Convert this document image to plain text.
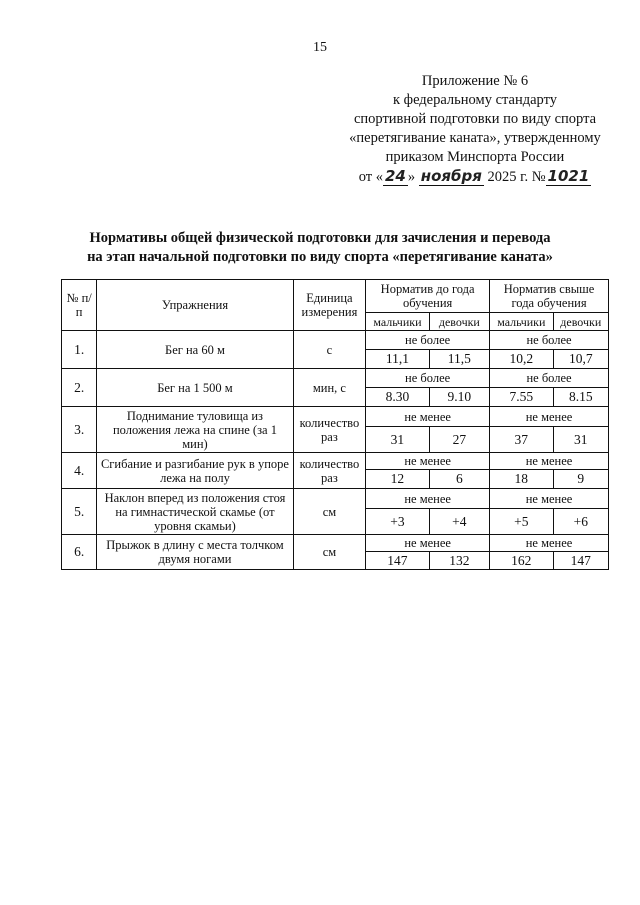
15
Приложение № 6
к федеральному стандарту
спортивной подготовки по виду спорта
«перетягивание каната», утвержденному
приказом Минспорта России
от « 24 » ноября 2025 г. № 1021
Нормативы общей физической подготовки для зачисления и перевода
на этап начальной подготовки по виду спорта «перетягивание каната»
№ п/п	Упражнения	Единица измерения	Норматив до года обучения		Норматив свыше года обучения	
			мальчики	девочки	мальчики	девочки
1.	Бег на 60 м	с	не более		не более	
			11,1	11,5	10,2	10,7
2.	Бег на 1 500 м	мин, с	не более		не более	
			8.30	9.10	7.55	8.15
3.	Поднимание туловища из положения лежа на спине (за 1 мин)	количество раз	не менее		не менее	
			31	27	37	31
4.	Сгибание и разгибание рук в упоре лежа на полу	количество раз	не менее		не менее	
			12	6	18	9
5.	Наклон вперед из положения стоя на гимнастической скамье (от уровня скамьи)	см	не менее		не менее	
			+3	+4	+5	+6
6.	Прыжок в длину с места толчком двумя ногами	см	не менее		не менее	
			147	132	162	147
